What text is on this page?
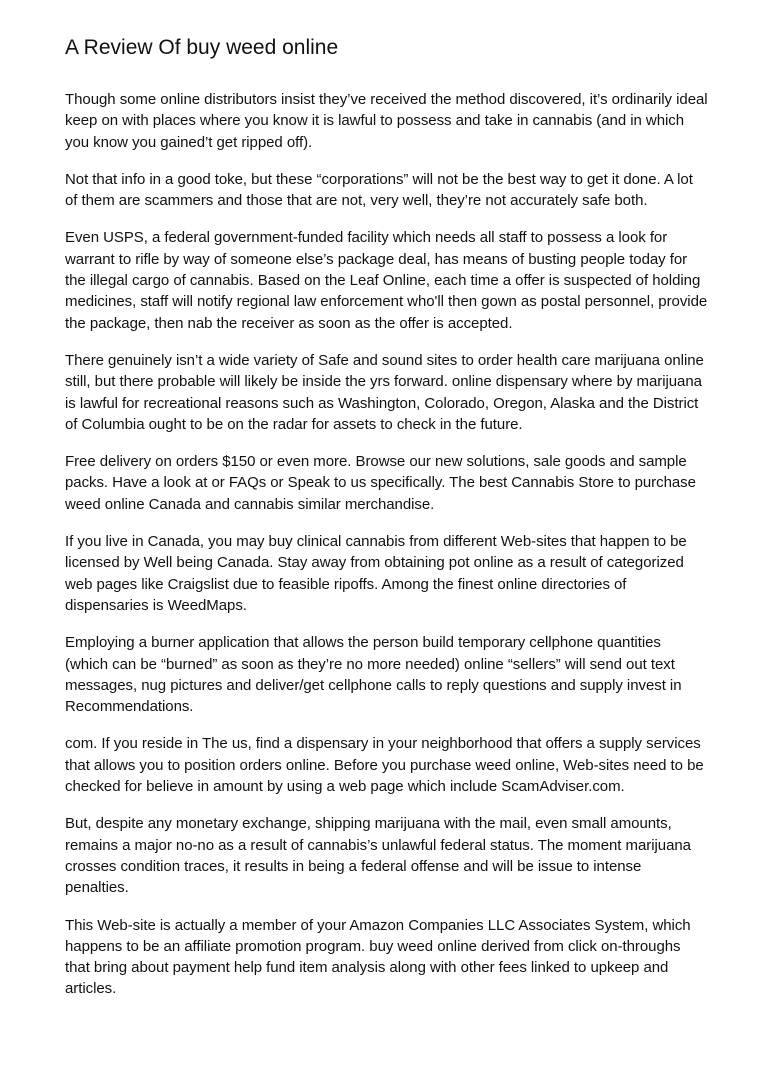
A Review Of buy weed online

Though some online distributors insist they’ve received the method discovered, it’s ordinarily ideal keep on with places where you know it is lawful to possess and take in cannabis (and in which you know you gained’t get ripped off).

Not that info in a good toke, but these “corporations” will not be the best way to get it done. A lot of them are scammers and those that are not, very well, they’re not accurately safe both.

Even USPS, a federal government-funded facility which needs all staff to possess a look for warrant to rifle by way of someone else’s package deal, has means of busting people today for the illegal cargo of cannabis. Based on the Leaf Online, each time a offer is suspected of holding medicines, staff will notify regional law enforcement who'll then gown as postal personnel, provide the package, then nab the receiver as soon as the offer is accepted.

There genuinely isn’t a wide variety of Safe and sound sites to order health care marijuana online still, but there probable will likely be inside the yrs forward. online dispensary where by marijuana is lawful for recreational reasons such as Washington, Colorado, Oregon, Alaska and the District of Columbia ought to be on the radar for assets to check in the future.

Free delivery on orders $150 or even more. Browse our new solutions, sale goods and sample packs. Have a look at or FAQs or Speak to us specifically. The best Cannabis Store to purchase weed online Canada and cannabis similar merchandise.

If you live in Canada, you may buy clinical cannabis from different Web-sites that happen to be licensed by Well being Canada. Stay away from obtaining pot online as a result of categorized web pages like Craigslist due to feasible ripoffs. Among the finest online directories of dispensaries is WeedMaps.

Employing a burner application that allows the person build temporary cellphone quantities (which can be “burned” as soon as they’re no more needed) online “sellers” will send out text messages, nug pictures and deliver/get cellphone calls to reply questions and supply invest in Recommendations.

com. If you reside in The us, find a dispensary in your neighborhood that offers a supply services that allows you to position orders online. Before you purchase weed online, Web-sites need to be checked for believe in amount by using a web page which include ScamAdviser.com.

But, despite any monetary exchange, shipping marijuana with the mail, even small amounts, remains a major no-no as a result of cannabis’s unlawful federal status. The moment marijuana crosses condition traces, it results in being a federal offense and will be issue to intense penalties.

This Web-site is actually a member of your Amazon Companies LLC Associates System, which happens to be an affiliate promotion program. buy weed online derived from click on-throughs that bring about payment help fund item analysis along with other fees linked to upkeep and articles.
